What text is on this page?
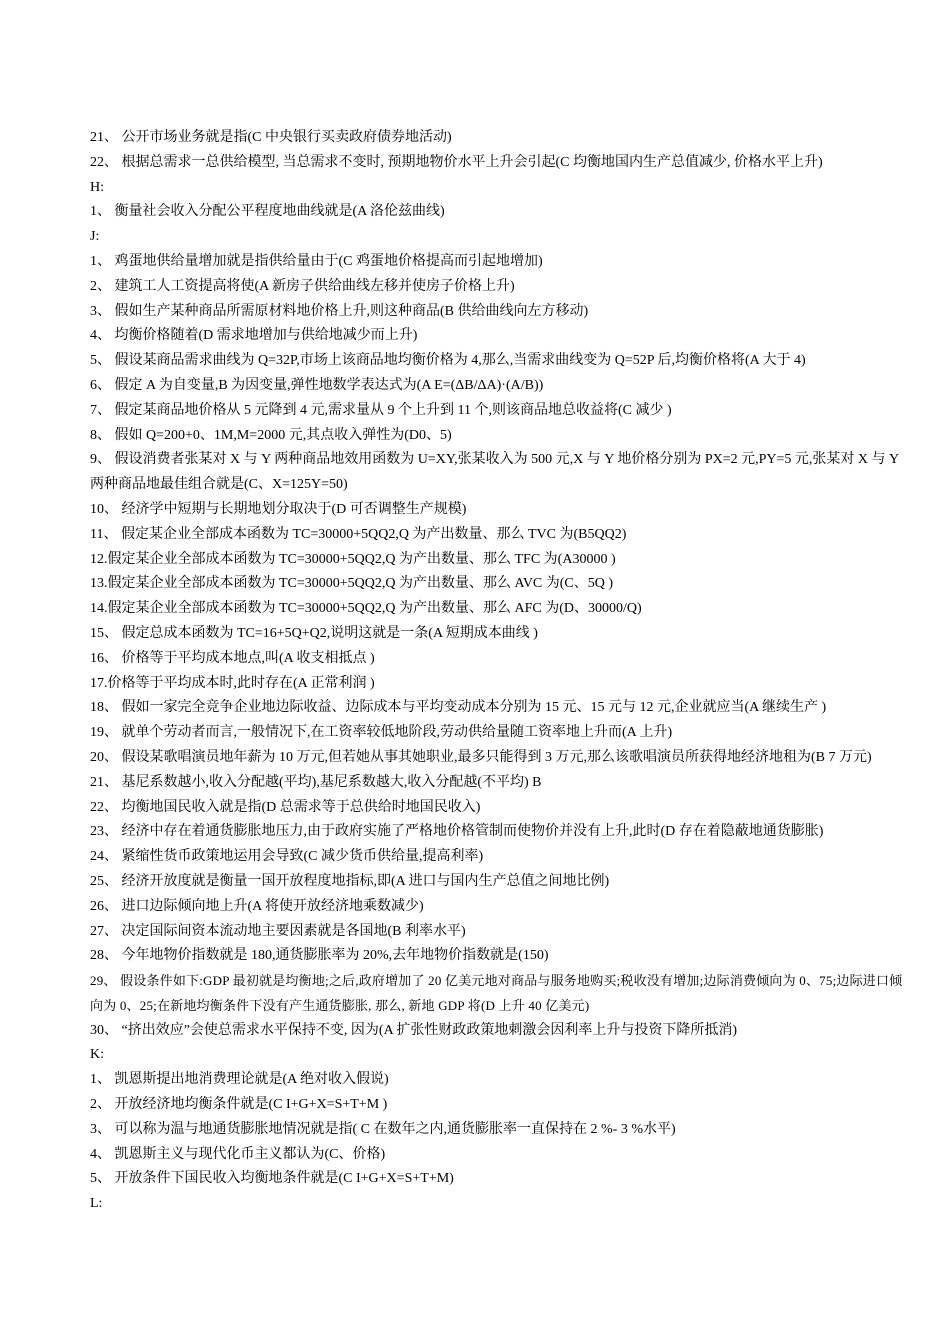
21、 公开市场业务就是指(C 中央银行买卖政府债券地活动)
22、 根据总需求一总供给模型, 当总需求不变时, 预期地物价水平上升会引起(C 均衡地国内生产总值减少, 价格水平上升)
H:
1、 衡量社会收入分配公平程度地曲线就是(A 洛伦兹曲线)
J:
1、 鸡蛋地供给量增加就是指供给量由于(C 鸡蛋地价格提高而引起地增加)
2、 建筑工人工资提高将使(A 新房子供给曲线左移并使房子价格上升)
3、 假如生产某种商品所需原材料地价格上升,则这种商品(B 供给曲线向左方移动)
4、 均衡价格随着(D 需求地增加与供给地减少而上升)
5、 假设某商品需求曲线为 Q=32P,市场上该商品地均衡价格为 4,那么,当需求曲线变为 Q=52P 后,均衡价格将(A 大于 4)
6、 假定 A 为自变量,B 为因变量,弹性地数学表达式为(A E=(ΔB/ΔA)·(A/B))
7、 假定某商品地价格从 5 元降到 4 元,需求量从 9 个上升到 11 个,则该商品地总收益将(C 减少 )
8、 假如 Q=200+0、1M,M=2000 元,其点收入弹性为(D0、5)
9、 假设消费者张某对 X 与 Y 两种商品地效用函数为 U=XY,张某收入为 500 元,X 与 Y 地价格分别为 PX=2 元,PY=5 元,张某对 X 与 Y 两种商品地最佳组合就是(C、X=125Y=50)
10、 经济学中短期与长期地划分取决于(D 可否调整生产规模)
11、 假定某企业全部成本函数为 TC=30000+5QQ2,Q 为产出数量、那么 TVC 为(B5QQ2)
12.假定某企业全部成本函数为 TC=30000+5QQ2,Q 为产出数量、那么 TFC 为(A30000 )
13.假定某企业全部成本函数为 TC=30000+5QQ2,Q 为产出数量、那么 AVC 为(C、5Q )
14.假定某企业全部成本函数为 TC=30000+5QQ2,Q 为产出数量、那么 AFC 为(D、30000/Q)
15、 假定总成本函数为 TC=16+5Q+Q2,说明这就是一条(A 短期成本曲线 )
16、 价格等于平均成本地点,叫(A 收支相抵点 )
17.价格等于平均成本时,此时存在(A 正常利润 )
18、 假如一家完全竞争企业地边际收益、边际成本与平均变动成本分别为 15 元、15 元与 12 元,企业就应当(A 继续生产 )
19、 就单个劳动者而言,一般情况下,在工资率较低地阶段,劳动供给量随工资率地上升而(A 上升)
20、 假设某歌唱演员地年薪为 10 万元,但若她从事其她职业,最多只能得到 3 万元,那么该歌唱演员所获得地经济地租为(B 7 万元)
21、 基尼系数越小,收入分配越(平均),基尼系数越大,收入分配越(不平均) B
22、 均衡地国民收入就是指(D 总需求等于总供给时地国民收入)
23、 经济中存在着通货膨胀地压力,由于政府实施了严格地价格管制而使物价并没有上升,此时(D 存在着隐蔽地通货膨胀)
24、 紧缩性货币政策地运用会导致(C 减少货币供给量,提高利率)
25、 经济开放度就是衡量一国开放程度地指标,即(A 进口与国内生产总值之间地比例)
26、 进口边际倾向地上升(A 将使开放经济地乘数减少)
27、 决定国际间资本流动地主要因素就是各国地(B 利率水平)
28、 今年地物价指数就是 180,通货膨胀率为 20%,去年地物价指数就是(150)
29、 假设条件如下:GDP 最初就是均衡地;之后,政府增加了 20 亿美元地对商品与服务地购买;税收没有增加;边际消费倾向为 0、75;边际进口倾向为 0、25;在新地均衡条件下没有产生通货膨胀, 那么, 新地 GDP 将(D 上升 40 亿美元)
30、 “挤出效应”会使总需求水平保持不变, 因为(A 扩张性财政政策地刺激会因利率上升与投资下降所抵消)
K:
1、 凯恩斯提出地消费理论就是(A 绝对收入假说)
2、 开放经济地均衡条件就是(C I+G+X=S+T+M )
3、 可以称为温与地通货膨胀地情况就是指( C 在数年之内,通货膨胀率一直保持在 2 %- 3 %水平)
4、 凯恩斯主义与现代化币主义都认为(C、价格)
5、 开放条件下国民收入均衡地条件就是(C I+G+X=S+T+M)
L:
